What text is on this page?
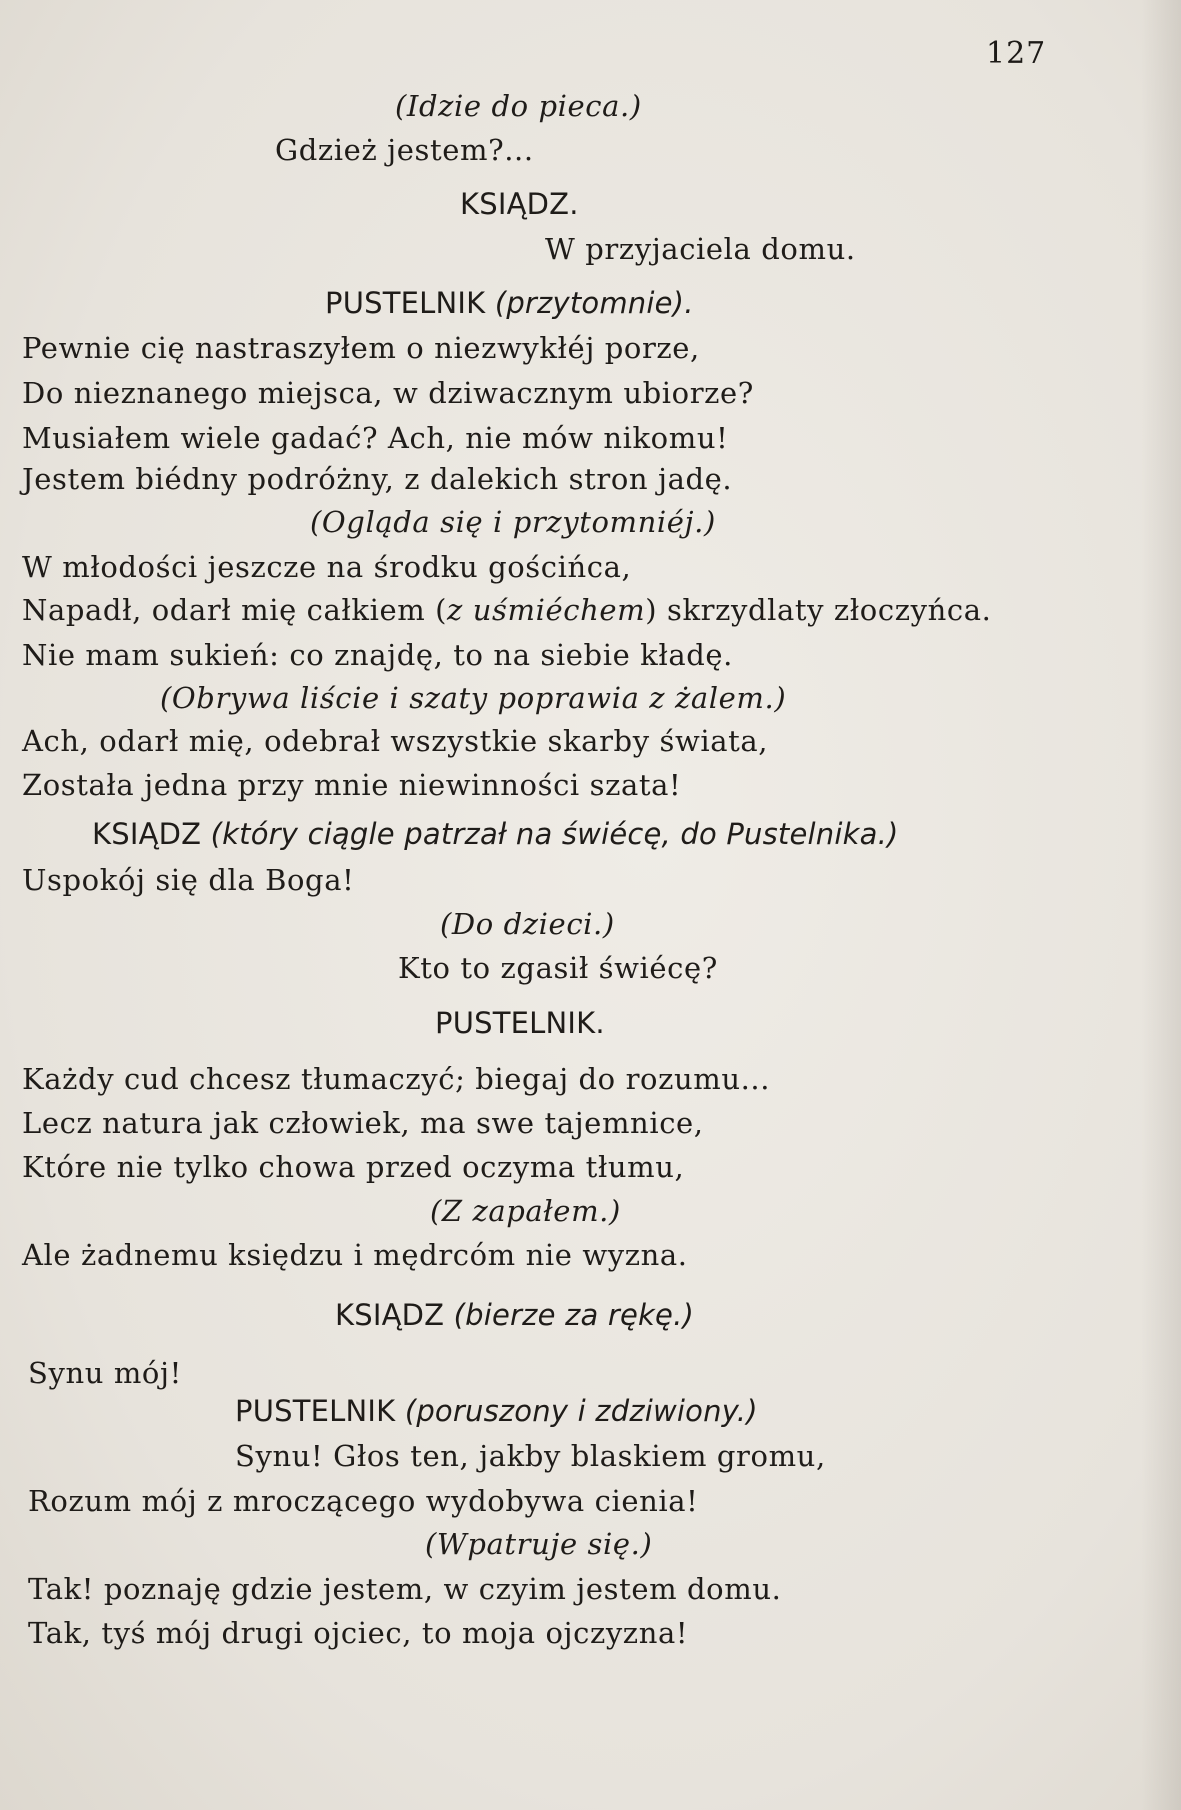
127
(Idzie do pieca.)
Gdzież jestem?...
KSIĄDZ.
W przyjaciela domu.
PUSTELNIK (przytomnie).
Pewnie cię nastraszyłem o niezwykłéj porze,
Do nieznanego miejsca, w dziwacznym ubiorze?
Musiałem wiele gadać? Ach, nie mów nikomu!
Jestem biédny podróżny, z dalekich stron jadę.
(Ogląda się i przytomniéj.)
W młodości jeszcze na środku gościńca,
Napadł, odarł mię całkiem (z uśmiéchem) skrzydlaty złoczyńca.
Nie mam sukień: co znajdę, to na siebie kładę.
(Obrywa liście i szaty poprawia z żalem.)
Ach, odarł mię, odebrał wszystkie skarby świata,
Została jedna przy mnie niewinności szata!
KSIĄDZ (który ciągle patrzał na świécę, do Pustelnika.)
Uspokój się dla Boga!
(Do dzieci.)
Kto to zgasił świécę?
PUSTELNIK.
Każdy cud chcesz tłumaczyć; biegaj do rozumu...
Lecz natura jak człowiek, ma swe tajemnice,
Które nie tylko chowa przed oczyma tłumu,
(Z zapałem.)
Ale żadnemu księdzu i mędrcóm nie wyzna.
KSIĄDZ (bierze za rękę.)
Synu mój!
PUSTELNIK (poruszony i zdziwiony.)
Synu! Głos ten, jakby blaskiem gromu,
Rozum mój z mroczącego wydobywa cienia!
(Wpatruje się.)
Tak! poznaję gdzie jestem, w czyim jestem domu.
Tak, tyś mój drugi ojciec, to moja ojczyzna!
